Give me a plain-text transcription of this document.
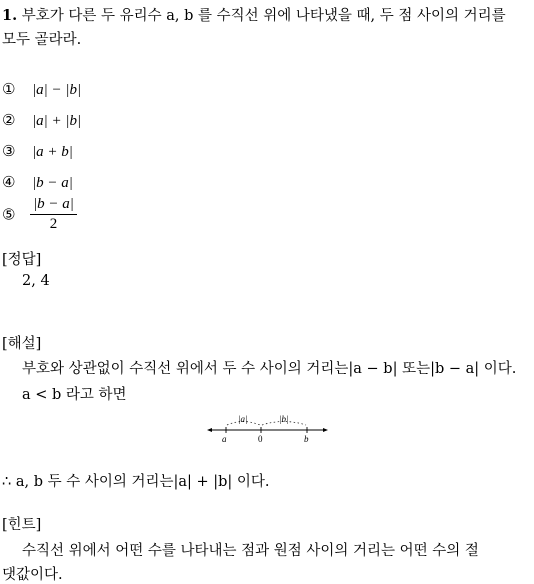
1. 부호가 다른 두 유리수 a, b 를 수직선 위에 나타냈을 때, 두 점 사이의 거리를
모두 골라라.
① |a| − |b|
② |a| + |b|
③ |a + b|
④ |b − a|
⑤ $\frac{|b - a|}{2}$
[정답]
2, 4
[해설]
부호와 상관없이 수직선 위에서 두 수 사이의 거리는|a − b| 또는|b − a| 이다.
a < b 라고 하면
|a|	|b|
a	0	b
∴ a, b 두 수 사이의 거리는|a| + |b| 이다.
[힌트]
수직선 위에서 어떤 수를 나타내는 점과 원점 사이의 거리는 어떤 수의 절
댓값이다.
